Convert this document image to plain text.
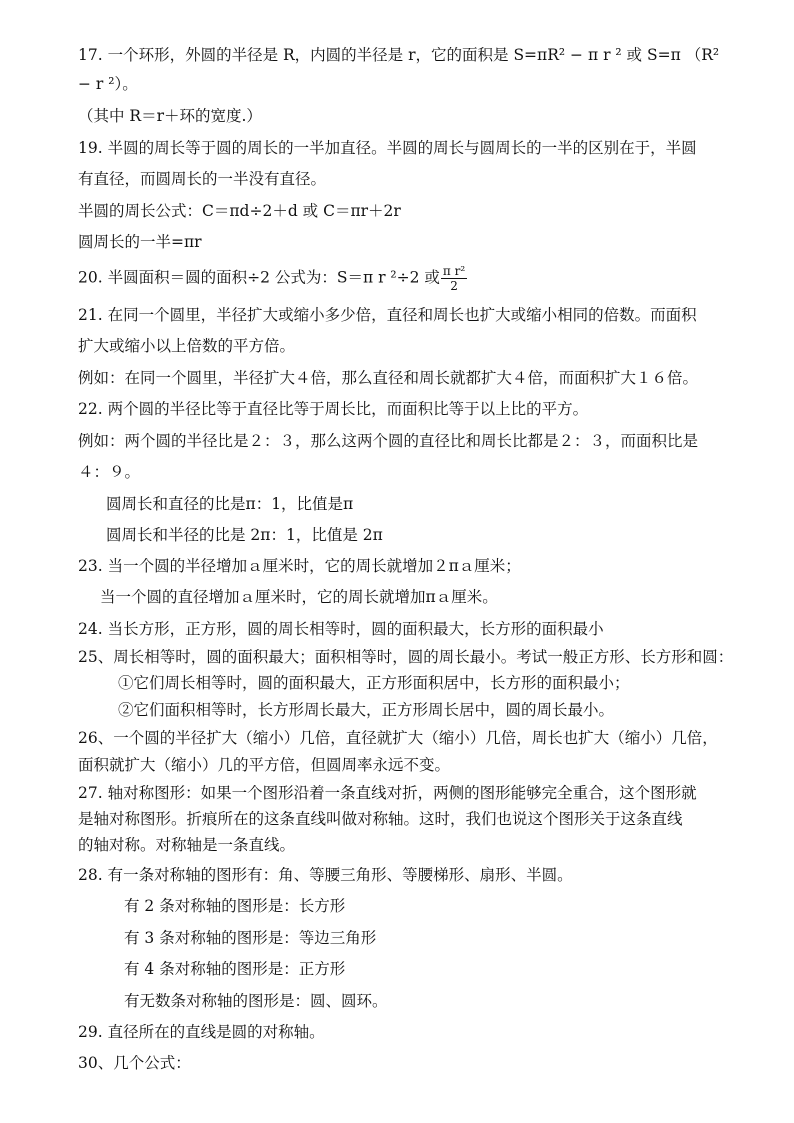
17. 一个环形，外圆的半径是 R，内圆的半径是 r，它的面积是 S=πR² − π r ² 或 S=π （R²
− r ²）。
（其中 R＝r＋环的宽度.）
19. 半圆的周长等于圆的周长的一半加直径。半圆的周长与圆周长的一半的区别在于，半圆
有直径，而圆周长的一半没有直径。
半圆的周长公式：C＝πd÷2＋d 或 C＝πr＋2r
圆周长的一半=πr
20. 半圆面积＝圆的面积÷2 公式为：S＝π r ²÷2 或 $\frac{\text{π r²}}{2}$
21. 在同一个圆里，半径扩大或缩小多少倍，直径和周长也扩大或缩小相同的倍数。而面积
扩大或缩小以上倍数的平方倍。
例如：在同一个圆里，半径扩大４倍，那么直径和周长就都扩大４倍，而面积扩大１６倍。
22. 两个圆的半径比等于直径比等于周长比，而面积比等于以上比的平方。
例如：两个圆的半径比是２：３，那么这两个圆的直径比和周长比都是２：３，而面积比是
４：９。
圆周长和直径的比是π：1，比值是π
圆周长和半径的比是 2π：1，比值是 2π
23. 当一个圆的半径增加ａ厘米时，它的周长就增加２πａ厘米；
当一个圆的直径增加ａ厘米时，它的周长就增加πａ厘米。
24. 当长方形，正方形，圆的周长相等时，圆的面积最大，长方形的面积最小
25、周长相等时，圆的面积最大；面积相等时，圆的周长最小。考试一般正方形、长方形和圆：
①它们周长相等时，圆的面积最大，正方形面积居中，长方形的面积最小；
②它们面积相等时，长方形周长最大，正方形周长居中，圆的周长最小。
26、一个圆的半径扩大（缩小）几倍，直径就扩大（缩小）几倍，周长也扩大（缩小）几倍，
面积就扩大（缩小）几的平方倍，但圆周率永远不变。
27. 轴对称图形：如果一个图形沿着一条直线对折，两侧的图形能够完全重合，这个图形就
是轴对称图形。折痕所在的这条直线叫做对称轴。这时，我们也说这个图形关于这条直线
的轴对称。对称轴是一条直线。
28. 有一条对称轴的图形有：角、等腰三角形、等腰梯形、扇形、半圆。
有 2 条对称轴的图形是：长方形
有 3 条对称轴的图形是：等边三角形
有 4 条对称轴的图形是：正方形
有无数条对称轴的图形是：圆、圆环。
29. 直径所在的直线是圆的对称轴。
30、几个公式：
